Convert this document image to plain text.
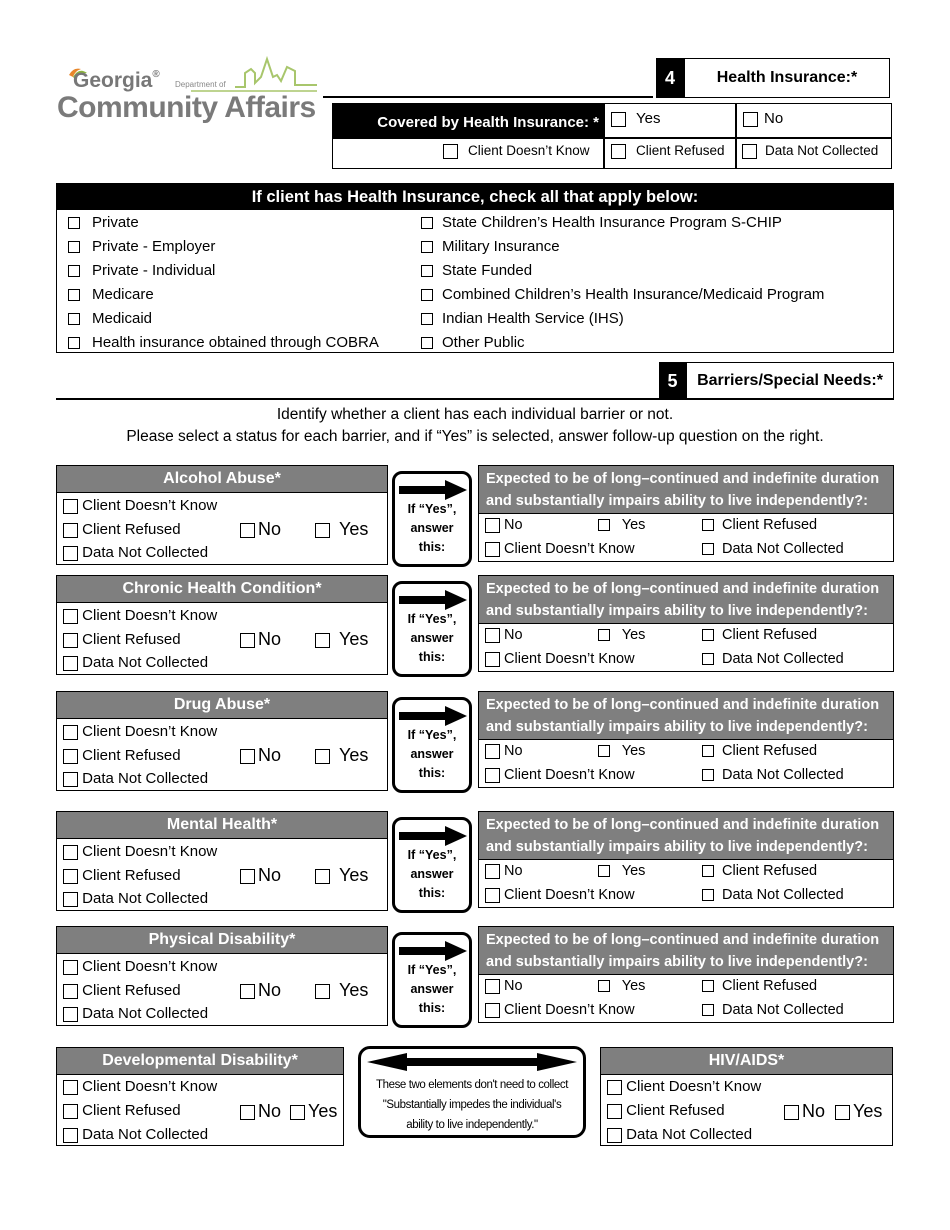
Georgia®
Department of
Community Affairs
4	Health Insurance:*
Covered by Health Insurance: *	Yes	No
Client Doesn’t Know	Client Refused	Data Not Collected
If client has Health Insurance, check all that apply below:
Private
Private - Employer
Private - Individual
Medicare
Medicaid
Health insurance obtained through COBRA
State Children’s Health Insurance Program S-CHIP
Military Insurance
State Funded
Combined Children’s Health Insurance/Medicaid Program
Indian Health Service (IHS)
Other Public
5	Barriers/Special Needs:*
Identify whether a client has each individual barrier or not.
Please select a status for each barrier, and if “Yes” is selected, answer follow-up question on the right.
Alcohol Abuse*
Client Doesn’t Know
Client Refused
Data Not Collected
No	Yes
If “Yes”,
answer
this:
Expected to be of long–continued and indefinite duration
and substantially impairs ability to live independently?:
No	Yes	Client Refused
Client Doesn’t Know	Data Not Collected
Chronic Health Condition*
Client Doesn’t Know
Client Refused
Data Not Collected
No	Yes
If “Yes”,
answer
this:
Expected to be of long–continued and indefinite duration
and substantially impairs ability to live independently?:
No	Yes	Client Refused
Client Doesn’t Know	Data Not Collected
Drug Abuse*
Client Doesn’t Know
Client Refused
Data Not Collected
No	Yes
If “Yes”,
answer
this:
Expected to be of long–continued and indefinite duration
and substantially impairs ability to live independently?:
No	Yes	Client Refused
Client Doesn’t Know	Data Not Collected
Mental Health*
Client Doesn’t Know
Client Refused
Data Not Collected
No	Yes
If “Yes”,
answer
this:
Expected to be of long–continued and indefinite duration
and substantially impairs ability to live independently?:
No	Yes	Client Refused
Client Doesn’t Know	Data Not Collected
Physical Disability*
Client Doesn’t Know
Client Refused
Data Not Collected
No	Yes
If “Yes”,
answer
this:
Expected to be of long–continued and indefinite duration
and substantially impairs ability to live independently?:
No	Yes	Client Refused
Client Doesn’t Know	Data Not Collected
Developmental Disability*
Client Doesn’t Know
Client Refused
Data Not Collected
No	Yes
These two elements don't need to collect
"Substantially impedes the individual's
ability to live independently."
HIV/AIDS*
Client Doesn’t Know
Client Refused
Data Not Collected
No	Yes
